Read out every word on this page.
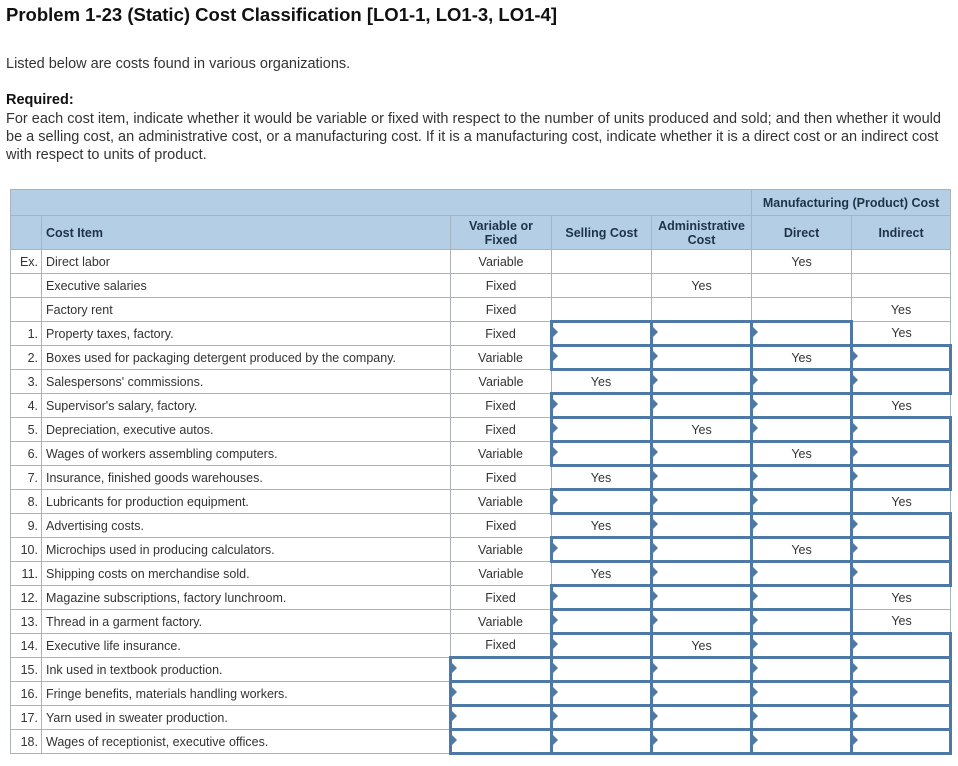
Problem 1-23 (Static) Cost Classification [LO1-1, LO1-3, LO1-4]

Listed below are costs found in various organizations.

Required:

For each cost item, indicate whether it would be variable or fixed with respect to the number of units produced and sold; and then whether it would be a selling cost, an administrative cost, or a manufacturing cost. If it is a manufacturing cost, indicate whether it is a direct cost or an indirect cost with respect to units of product.

					Manufacturing (Product) Cost	
	Cost Item	Variable or Fixed	Selling Cost	Administrative Cost	Direct	Indirect
Ex.	Direct labor	Variable			Yes	
	Executive salaries	Fixed		Yes		
	Factory rent	Fixed				Yes
1.	Property taxes, factory.	Fixed				Yes
2.	Boxes used for packaging detergent produced by the company.	Variable			Yes	
3.	Salespersons' commissions.	Variable	Yes			
4.	Supervisor's salary, factory.	Fixed				Yes
5.	Depreciation, executive autos.	Fixed		Yes		
6.	Wages of workers assembling computers.	Variable			Yes	
7.	Insurance, finished goods warehouses.	Fixed	Yes			
8.	Lubricants for production equipment.	Variable				Yes
9.	Advertising costs.	Fixed	Yes			
10.	Microchips used in producing calculators.	Variable			Yes	
11.	Shipping costs on merchandise sold.	Variable	Yes			
12.	Magazine subscriptions, factory lunchroom.	Fixed				Yes
13.	Thread in a garment factory.	Variable				Yes
14.	Executive life insurance.	Fixed		Yes		
15.	Ink used in textbook production.					
16.	Fringe benefits, materials handling workers.					
17.	Yarn used in sweater production.					
18.	Wages of receptionist, executive offices.					
